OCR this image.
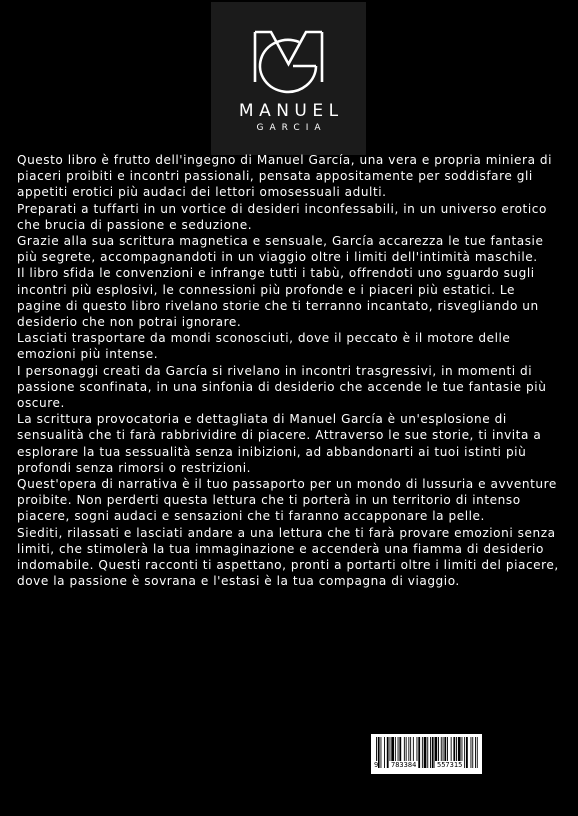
MANUEL
GARCIA

Questo libro è frutto dell'ingegno di Manuel García, una vera e propria miniera di piaceri proibiti e incontri passionali, pensata appositamente per soddisfare gli appetiti erotici più audaci dei lettori omosessuali adulti.

Preparati a tuffarti in un vortice di desideri inconfessabili, in un universo erotico che brucia di passione e seduzione.

Grazie alla sua scrittura magnetica e sensuale, García accarezza le tue fantasie più segrete, accompagnandoti in un viaggio oltre i limiti dell'intimità maschile.

Il libro sfida le convenzioni e infrange tutti i tabù, offrendoti uno sguardo sugli incontri più esplosivi, le connessioni più profonde e i piaceri più estatici. Le pagine di questo libro rivelano storie che ti terranno incantato, risvegliando un desiderio che non potrai ignorare.

Lasciati trasportare da mondi sconosciuti, dove il peccato è il motore delle emozioni più intense.

I personaggi creati da García si rivelano in incontri trasgressivi, in momenti di passione sconfinata, in una sinfonia di desiderio che accende le tue fantasie più oscure.

La scrittura provocatoria e dettagliata di Manuel García è un'esplosione di sensualità che ti farà rabbrividire di piacere. Attraverso le sue storie, ti invita a esplorare la tua sessualità senza inibizioni, ad abbandonarti ai tuoi istinti più profondi senza rimorsi o restrizioni.

Quest'opera di narrativa è il tuo passaporto per un mondo di lussuria e avventure proibite. Non perderti questa lettura che ti porterà in un territorio di intenso piacere, sogni audaci e sensazioni che ti faranno accapponare la pelle.

Siediti, rilassati e lasciati andare a una lettura che ti farà provare emozioni senza limiti, che stimolerà la tua immaginazione e accenderà una fiamma di desiderio indomabile. Questi racconti ti aspettano, pronti a portarti oltre i limiti del piacere, dove la passione è sovrana e l'estasi è la tua compagna di viaggio.

9 783384	557315
